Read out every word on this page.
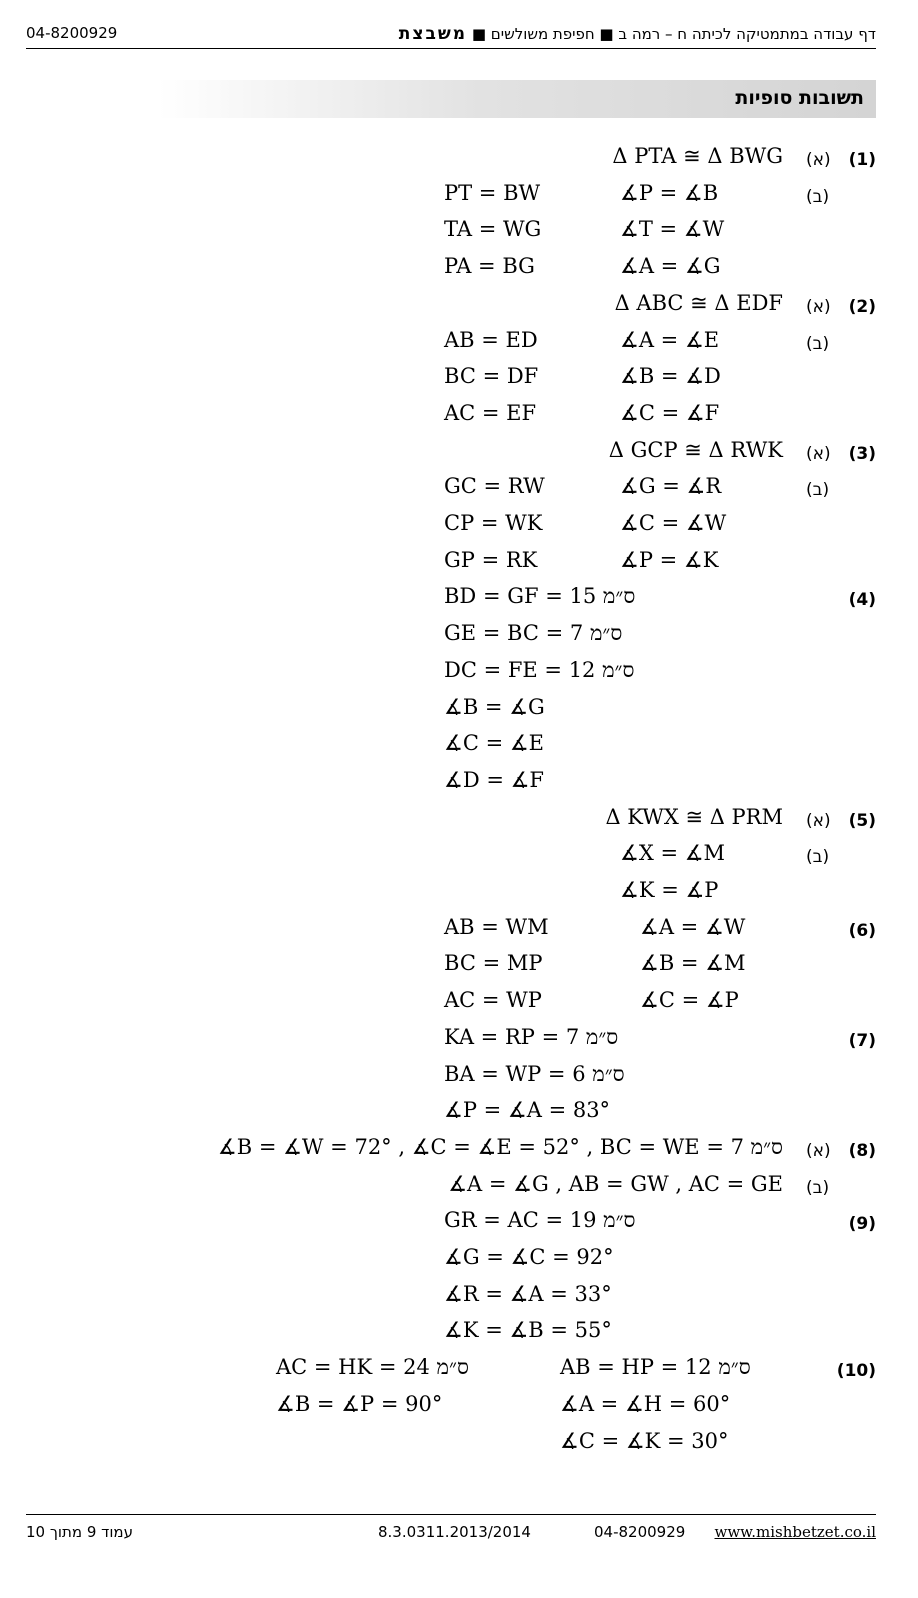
דף עבודה במתמטיקה לכיתה ח – רמה ב ■ חפיפת משולשים ■ משבצת
04-8200929
תשובות סופיות
(1)
(א)
Δ PTA ≅ Δ BWG
(ב)
PT = BW	∡P = ∡B
TA = WG	∡T = ∡W
PA = BG	∡A = ∡G
(2)
(א)
Δ ABC ≅ Δ EDF
(ב)
AB = ED	∡A = ∡E
BC = DF	∡B = ∡D
AC = EF	∡C = ∡F
(3)
(א)
Δ GCP ≅ Δ RWK
(ב)
GC = RW	∡G = ∡R
CP = WK	∡C = ∡W
GP = RK	∡P = ∡K
(4)
BD = GF = 15 ס״מ
GE = BC = 7 ס״מ
DC = FE = 12 ס״מ
∡B = ∡G
∡C = ∡E
∡D = ∡F
(5)
(א)
Δ KWX ≅ Δ PRM
(ב)
∡X = ∡M
∡K = ∡P
(6)
AB = WM	∡A = ∡W
BC = MP	∡B = ∡M
AC = WP	∡C = ∡P
(7)
KA = RP = 7 ס״מ
BA = WP = 6 ס״מ
∡P = ∡A = 83°
(8)
(א)
∡B = ∡W = 72° , ∡C = ∡E = 52° , BC = WE = 7 ס״מ
(ב)
∡A = ∡G , AB = GW , AC = GE
(9)
GR = AC = 19 ס״מ
∡G = ∡C = 92°
∡R = ∡A = 33°
∡K = ∡B = 55°
(10)
AC = HK = 24 ס״מ	AB = HP = 12 ס״מ
∡B = ∡P = 90°	∡A = ∡H = 60°
∡C = ∡K = 30°
עמוד 9 מתוך 10	8.3.0311.2013/2014	04-8200929 www.mishbetzet.co.il
